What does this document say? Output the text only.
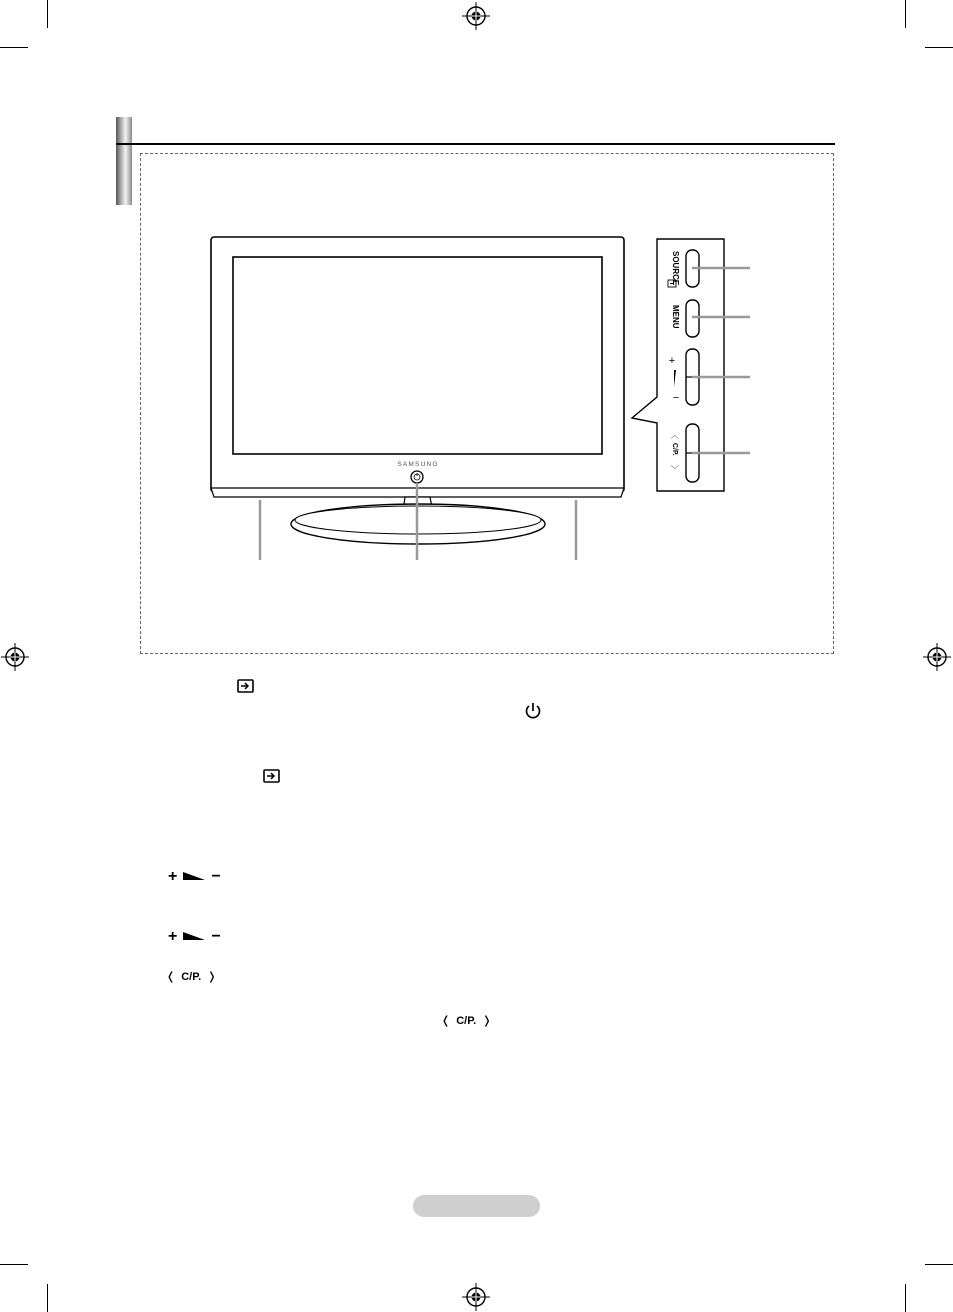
SAMSUNG
SOURCE
MENU
+
−
〈
C/P.
〉
+ −
+ −
❬ C/P. ❭
❬ C/P. ❭
